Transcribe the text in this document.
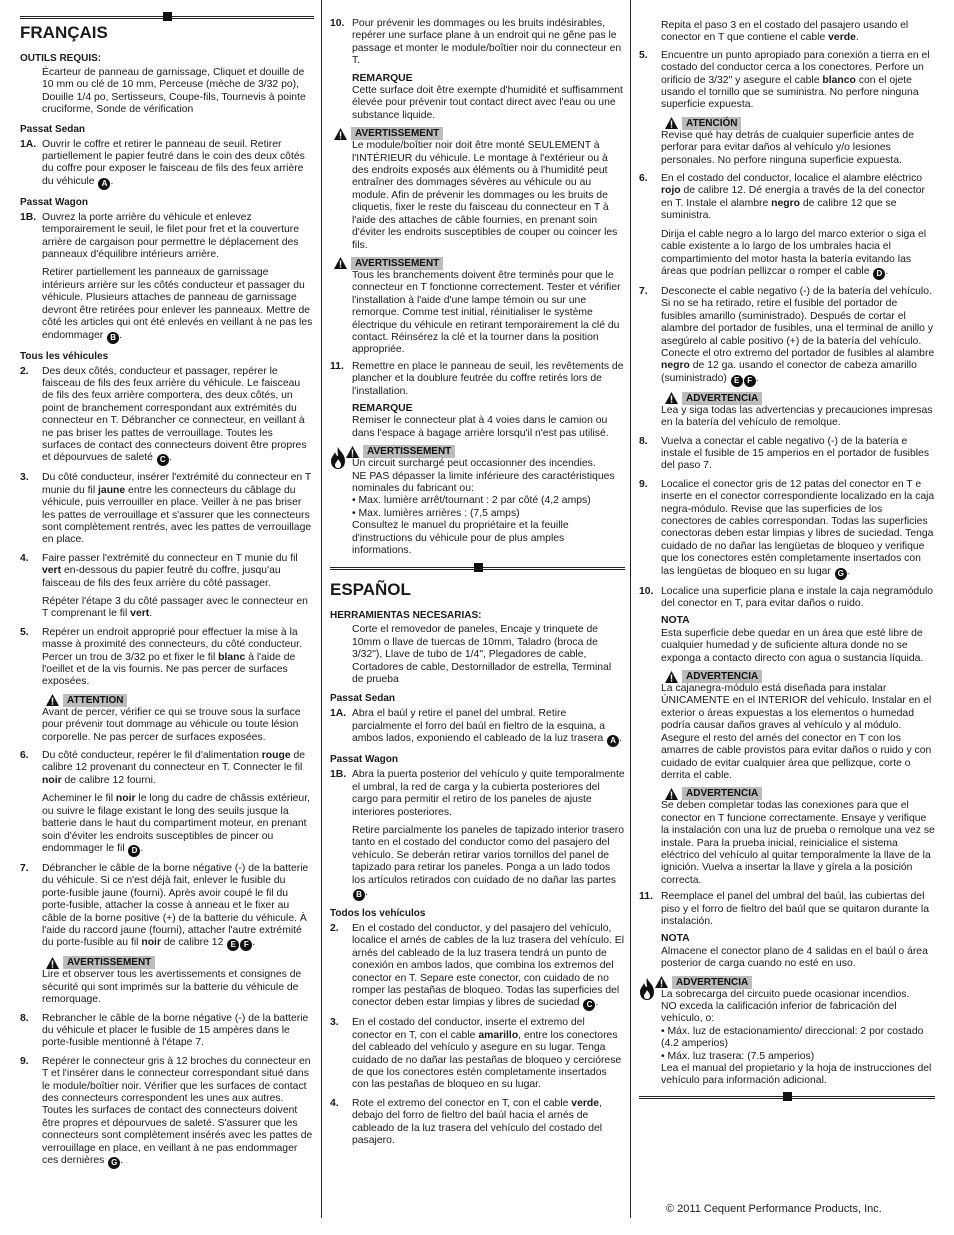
FRANÇAIS
OUTILS REQUIS:
Écarteur de panneau de garnissage, Cliquet et douille de 10 mm ou clé de 10 mm, Perceuse (mèche de 3/32 po), Douille 1/4 po, Sertisseurs, Coupe-fils, Tournevis à pointe cruciforme, Sonde de vérification
Passat Sedan
1A. Ouvrir le coffre et retirer le panneau de seuil. Retirer partiellement le papier feutré dans le coin des deux côtés du coffre pour exposer le faisceau de fils des feux arrière du véhicule A .
Passat Wagon
1B. Ouvrez la porte arrière du véhicule et enlevez temporairement le seuil, le filet pour fret et la couverture arrière de cargaison pour permettre le déplacement des panneaux d'équilibre intérieurs arrière.
Retirer partiellement les panneaux de garnissage intérieurs arrière sur les côtés conducteur et passager du véhicule. Plusieurs attaches de panneau de garnissage devront être retirées pour enlever les panneaux. Mettre de côté les articles qui ont été enlevés en veillant à ne pas les endommager B .
Tous les véhicules
2.	Des deux côtés, conducteur et passager, repérer le faisceau de fils des feux arrière du véhicule. Le faisceau de fils des feux arrière comportera, des deux côtés, un point de branchement correspondant aux extrémités du connecteur en T. Débrancher ce connecteur, en veillant à ne pas briser les pattes de verrouillage. Toutes les surfaces de contact des connecteurs doivent être propres et dépourvues de saleté C .
3.	Du côté conducteur, insérer l'extrémité du connecteur en T munie du fil jaune entre les connecteurs du câblage du véhicule, puis verrouiller en place. Veiller à ne pas briser les pattes de verrouillage et s'assurer que les connecteurs sont complètement rentrés, avec les pattes de verrouillage en place.
4.	Faire passer l'extrémité du connecteur en T munie du fil vert en-dessous du papier feutré du coffre, jusqu'au faisceau de fils des feux arrière du côté passager.
Répéter l'étape 3 du côté passager avec le connecteur en T comprenant le fil vert.
5.	Repérer un endroit approprié pour effectuer la mise à la masse à proximité des connecteurs, du côté conducteur. Percer un trou de 3/32 po et fixer le fil blanc à l'aide de l'oeillet et de la vis fournis. Ne pas percer de surfaces exposées.
ATTENTION
Avant de percer, vérifier ce qui se trouve sous la surface pour prévenir tout dommage au véhicule ou toute lésion corporelle. Ne pas percer de surfaces exposées.
6.	Du côté conducteur, repérer le fil d'alimentation rouge de calibre 12 provenant du connecteur en T. Connecter le fil noir de calibre 12 fourni.
Acheminer le fil noir le long du cadre de châssis extérieur, ou suivre le filage existant le long des seuils jusque la batterie dans le haut du compartiment moteur, en prenant soin d'éviter les endroits susceptibles de pincer ou endommager le fil D .
7.	Débrancher le câble de la borne négative (-) de la batterie du véhicule. Si ce n'est déjà fait, enlever le fusible du porte-fusible jaune (fourni). Après avoir coupé le fil du porte-fusible, attacher la cosse à anneau et le fixer au câble de la borne positive (+) de la batterie du véhicule. À l'aide du raccord jaune (fourni), attacher l'autre extrémité du porte-fusible au fil noir de calibre 12 E F .
AVERTISSEMENT
Lire et observer tous les avertissements et consignes de sécurité qui sont imprimés sur la batterie du véhicule de remorquage.
8.	Rebrancher le câble de la borne négative (-) de la batterie du véhicule et placer le fusible de 15 ampères dans le porte-fusible mentionné à l'étape 7.
9.	Repérer le connecteur gris à 12 broches du connecteur en T et l'insérer dans le connecteur correspondant situé dans le module/boîtier noir. Vérifier que les surfaces de contact des connecteurs correspondent les unes aux autres. Toutes les surfaces de contact des connecteurs doivent être propres et dépourvues de saleté. S'assurer que les connecteurs sont complètement insérés avec les pattes de verrouillage en place, en veillant à ne pas endommager ces dernières G .
10. Pour prévenir les dommages ou les bruits indésirables, repérer une surface plane à un endroit qui ne gêne pas le passage et monter le module/boîtier noir du connecteur en T.
REMARQUE
Cette surface doit être exempte d'humidité et suffisamment élevée pour prévenir tout contact direct avec l'eau ou une substance liquide.
AVERTISSEMENT
Le module/boîtier noir doit être monté SEULEMENT à l'INTÉRIEUR du véhicule. Le montage à l'extérieur ou à des endroits exposés aux éléments ou à l'humidité peut entraîner des dommages sévères au véhicule ou au module. Afin de prévenir les dommages ou les bruits de cliquetis, fixer le reste du faisceau du connecteur en T à l'aide des attaches de câble fournies, en prenant soin d'éviter les endroits susceptibles de couper ou coincer les fils.
AVERTISSEMENT
Tous les branchements doivent être terminés pour que le connecteur en T fonctionne correctement. Tester et vérifier l'installation à l'aide d'une lampe témoin ou sur une remorque. Comme test initial, réinitialiser le système électrique du véhicule en retirant temporairement la clé du contact. Réinsérez la clé et la tourner dans la position appropriée.
11. Remettre en place le panneau de seuil, les revêtements de plancher et la doublure feutrée du coffre retirés lors de l'installation.
REMARQUE
Remiser le connecteur plat à 4 voies dans le camion ou dans l'espace à bagage arrière lorsqu'il n'est pas utilisé.
AVERTISSEMENT
Un circuit surchargé peut occasionner des incendies.
NE PAS dépasser la limite inférieure des caractéristiques nominales du fabricant ou:
• Max. lumière arrêt/tournant : 2 par côté (4,2 amps)
• Max. lumières arrières : (7,5 amps)
Consultez le manuel du propriétaire et la feuille d'instructions du véhicule pour de plus amples informations.
ESPAÑOL
HERRAMIENTAS NECESARIAS:
Corte el removedor de paneles, Encaje y trinquete de 10mm o llave de tuercas de 10mm, Taladro (broca de 3/32"), Llave de tubo de 1/4", Plegadores de cable, Cortadores de cable, Destornillador de estrella, Terminal de prueba
Passat Sedan
1A. Abra el baúl y retire el panel del umbral. Retire parcialmente el forro del baúl en fieltro de la esquina, a ambos lados, exponiendo el cableado de la luz trasera A .
Passat Wagon
1B. Abra la puerta posterior del vehículo y quite temporalmente el umbral, la red de carga y la cubierta posteriores del cargo para permitir el retiro de los paneles de ajuste interiores posteriores.
Retire parcialmente los paneles de tapizado interior trasero tanto en el costado del conductor como del pasajero del vehículo. Se deberán retirar varios tornillos del panel de tapizado para retirar los paneles. Ponga a un lado todos los artículos retirados con cuidado de no dañar las partes B .
Todos los vehículos
2.	En el costado del conductor, y del pasajero del vehículo, localice el arnés de cables de la luz trasera del vehículo. El arnés del cableado de la luz trasera tendrá un punto de conexión en ambos lados, que combina los extremos del conector en T. Separe este conector, con cuidado de no romper las pestañas de bloqueo. Todas las superficies del conector deben estar limpias y libres de suciedad C .
3.	En el costado del conductor, inserte el extremo del conector en T, con el cable amarillo, entre los conectores del cableado del vehículo y asegure en su lugar. Tenga cuidado de no dañar las pestañas de bloqueo y cerciórese de que los conectores estén completamente insertados con las pestañas de bloqueo en su lugar.
4.	Rote el extremo del conector en T, con el cable verde, debajo del forro de fieltro del baúl hacia el arnés de cableado de la luz trasera del vehículo del costado del pasajero.
Repita el paso 3 en el costado del pasajero usando el conector en T que contiene el cable verde.
5.	Encuentre un punto apropiado para conexión a tierra en el costado del conductor cerca a los conectores. Perfore un orificio de 3/32" y asegure el cable blanco con el ojete usando el tornillo que se suministra. No perfore ninguna superficie expuesta.
ATENCIÓN
Revise qué hay detrás de cualquier superficie antes de perforar para evitar daños al vehículo y/o lesiones personales. No perfore ninguna superficie expuesta.
6.	En el costado del conductor, localice el alambre eléctrico rojo de calibre 12. Dé energía a través de la del conector en T. Instale el alambre negro de calibre 12 que se suministra.
Dirija el cable negro a lo largo del marco exterior o siga el cable existente a lo largo de los umbrales hacia el compartimiento del motor hasta la batería evitando las áreas que podrían pellizcar o romper el cable D .
7.	Desconecte el cable negativo (-) de la batería del vehículo. Si no se ha retirado, retire el fusible del portador de fusibles amarillo (suministrado). Después de cortar el alambre del portador de fusibles, una el terminal de anillo y asegúrelo al cable positivo (+) de la batería del vehículo. Conecte el otro extremo del portador de fusibles al alambre negro de 12 ga. usando el conector de cabeza amarillo (suministrado) E F .
ADVERTENCIA
Lea y siga todas las advertencias y precauciones impresas en la batería del vehículo de remolque.
8.	Vuelva a conectar el cable negativo (-) de la batería e instale el fusible de 15 amperios en el portador de fusibles del paso 7.
9.	Localice el conector gris de 12 patas del conector en T e inserte en el conector correspondiente localizado en la caja negra-módulo. Revise que las superficies de los conectores de cables correspondan. Todas las superficies conectoras deben estar limpias y libres de suciedad. Tenga cuidado de no dañar las lengüetas de bloqueo y verifique que los conectores estén completamente insertados con las lengüetas de bloqueo en su lugar G .
10. Localice una superficie plana e instale la caja negramódulo del conector en T, para evitar daños o ruido.
NOTA
Esta superficie debe quedar en un área que esté libre de cualquier humedad y de suficiente altura donde no se exponga a contacto directo con agua o sustancia líquida.
ADVERTENCIA
La cajanegra-módulo está diseñada para instalar ÚNICAMENTE en el INTERIOR del vehículo. Instalar en el exterior o áreas expuestas a los elementos o humedad podría causar daños graves al vehículo y al módulo. Asegure el resto del arnés del conector en T con los amarres de cable provistos para evitar daños o ruido y con cuidado de evitar cualquier área que pellizque, corte o derrita el cable.
ADVERTENCIA
Se deben completar todas las conexiones para que el conector en T funcione correctamente. Ensaye y verifique la instalación con una luz de prueba o remolque una vez se instale. Para la prueba inicial, reinicialice el sistema eléctrico del vehículo al quitar temporalmente la llave de la ignición. Vuelva a insertar la llave y gírela a la posición correcta.
11. Reemplace el panel del umbral del baúl, las cubiertas del piso y el forro de fieltro del baúl que se quitaron durante la instalación.
NOTA
Almacene el conector plano de 4 salidas en el baúl o área posterior de carga cuando no esté en uso.
ADVERTENCIA
La sobrecarga del circuito puede ocasionar incendios.
NO exceda la calificación inferior de fabricación del vehículo, o:
• Máx. luz de estacionamiento/ direccional: 2 por costado (4.2 amperios)
• Máx. luz trasera: (7.5 amperios)
Lea el manual del propietario y la hoja de instrucciones del vehículo para información adicional.
© 2011 Cequent Performance Products, Inc.
